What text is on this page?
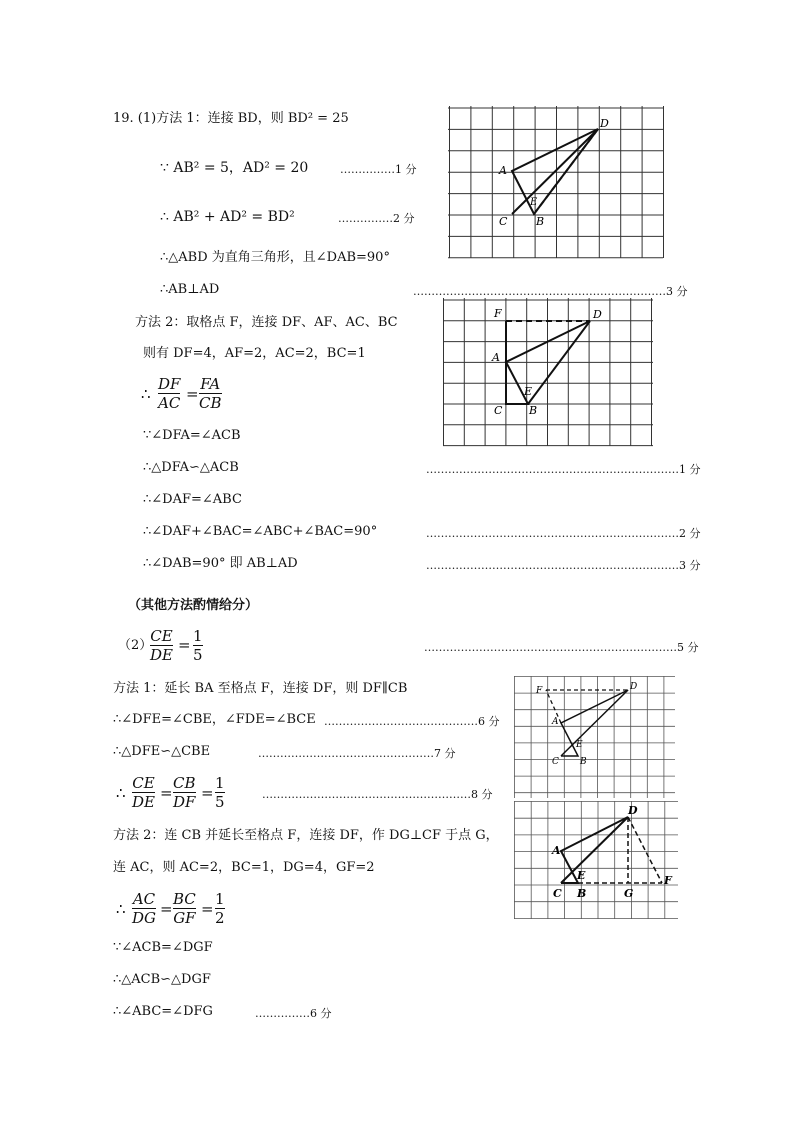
19. (1)方法 1：连接 BD，则 BD² = 25
∵ AB² = 5，AD² = 20	……………1 分
∴ AB² + AD² = BD²	……………2 分
∴△ABD 为直角三角形，且∠DAB=90°
∴AB⊥AD	……………………………………………………………3 分
方法 2：取格点 F，连接 DF、AF、AC、BC
则有 DF=4，AF=2，AC=2，BC=1
∴
DF
AC =
FA
CB
∵∠DFA=∠ACB
∴△DFA∽△ACB	……………………………………………………………1 分
∴∠DAF=∠ABC
∴∠DAF+∠BAC=∠ABC+∠BAC=90°	……………………………………………………………2 分
∴∠DAB=90° 即 AB⊥AD	……………………………………………………………3 分
（其他方法酌情给分）
（2）
CE
DE
= 1
5	……………………………………………………………5 分
方法 1：延长 BA 至格点 F，连接 DF，则 DF∥CB
∴∠DFE=∠CBE，∠FDE=∠BCE ……………………………………6 分
∴△DFE∽△CBE	…………………………………………7 分
∴
CE
DE =
CB
DF =
1
5	…………………………………………………8 分
方法 2：连 CB 并延长至格点 F，连接 DF，作 DG⊥CF 于点 G，
连 AC，则 AC=2，BC=1，DG=4，GF=2
∴
AC
DG =
BC
GF =
1
2
∵∠ACB=∠DGF
∴△ACB∽△DGF
∴∠ABC=∠DFG	……………6 分
A
B
C
D
E
F	D
A
E
C B
F	D
A
E
C B
D
A
E
C B	G
F
